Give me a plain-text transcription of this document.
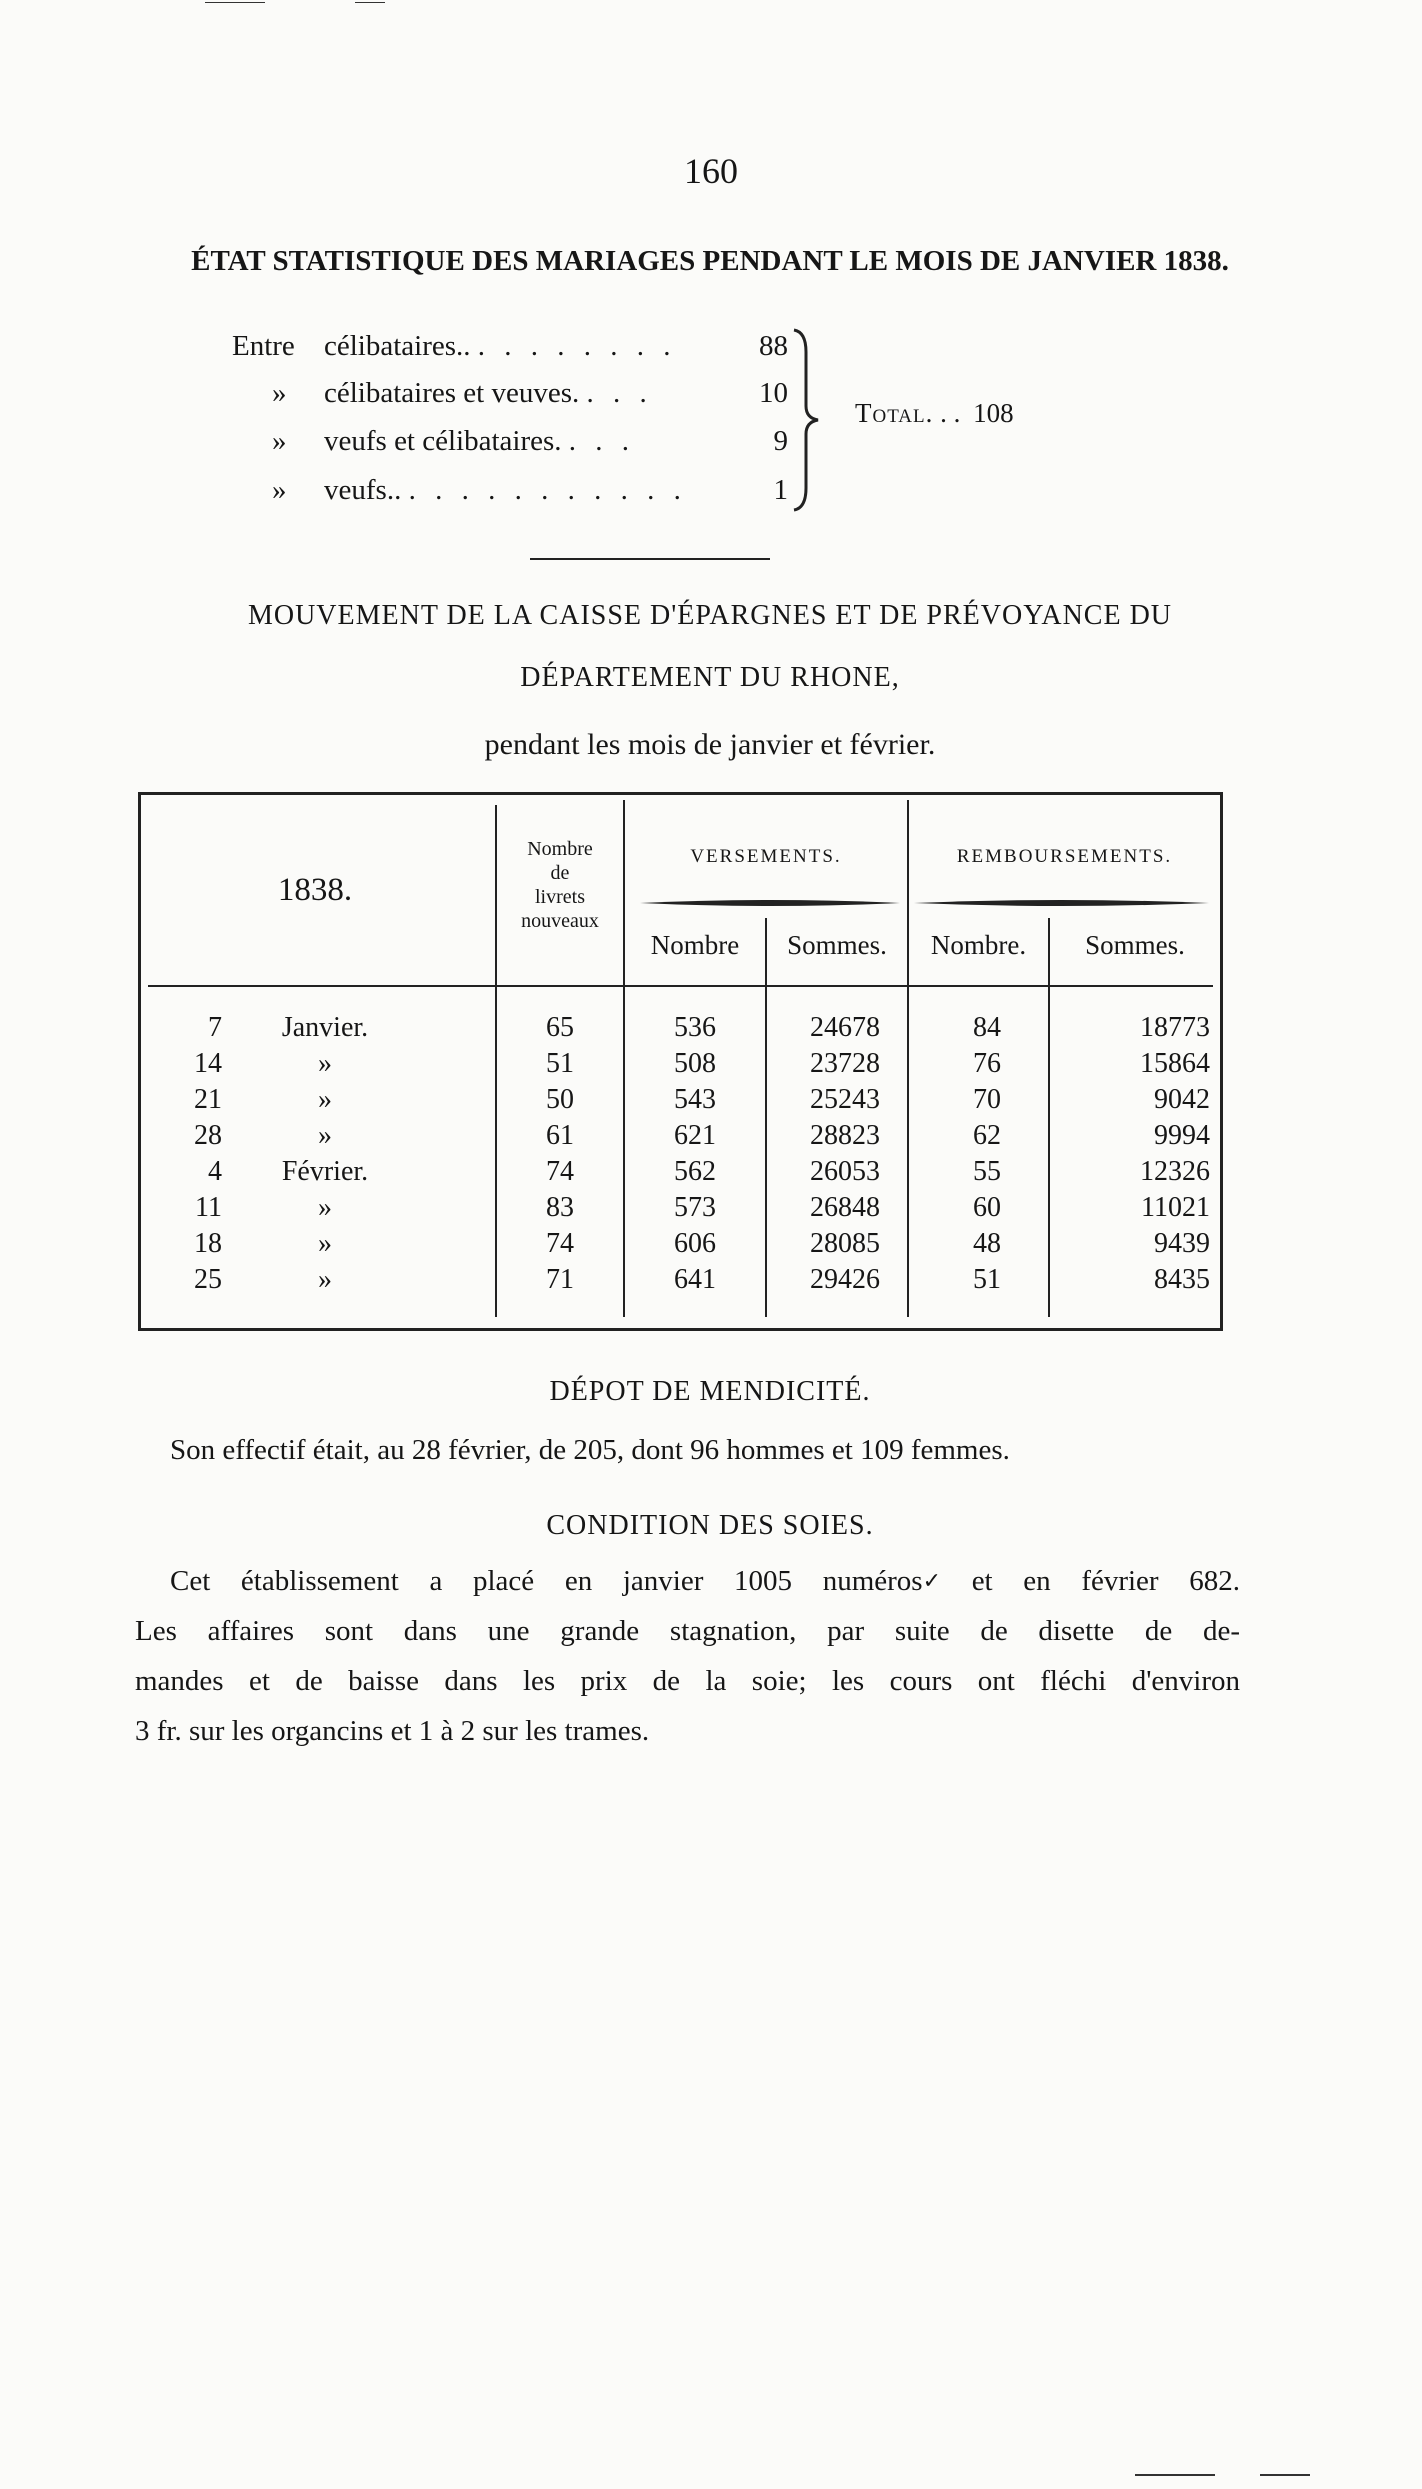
160
ÉTAT STATISTIQUE DES MARIAGES PENDANT LE MOIS DE JANVIER 1838.
Entre célibataires.. . . . . . . . .	88
» célibataires et veuves. . . .	10
» veufs et célibataires. . . .	9
» veufs.. . . . . . . . . . . .	1
Total. . . 108
MOUVEMENT DE LA CAISSE D'ÉPARGNES ET DE PRÉVOYANCE DU
DÉPARTEMENT DU RHONE,
pendant les mois de janvier et février.
1838.
Nombre
de
livrets
nouveaux
VERSEMENTS.	REMBOURSEMENTS.
Nombre	Sommes.	Nombre.	Sommes.
7	Janvier.	65	536	24678	84	18773
14	»	51	508	23728	76	15864
21	»	50	543	25243	70	9042
28	»	61	621	28823	62	9994
4	Février.	74	562	26053	55	12326
11	»	83	573	26848	60	11021
18	»	74	606	28085	48	9439
25	»	71	641	29426	51	8435
DÉPOT DE MENDICITÉ.
Son effectif était, au 28 février, de 205, dont 96 hommes et 109 femmes.
CONDITION DES SOIES.
Cet établissement a placé en janvier 1005 numéros✓ et en février 682.
Les affaires sont dans une grande stagnation, par suite de disette de de-
mandes et de baisse dans les prix de la soie; les cours ont fléchi d'environ
3 fr. sur les organcins et 1 à 2 sur les trames.
